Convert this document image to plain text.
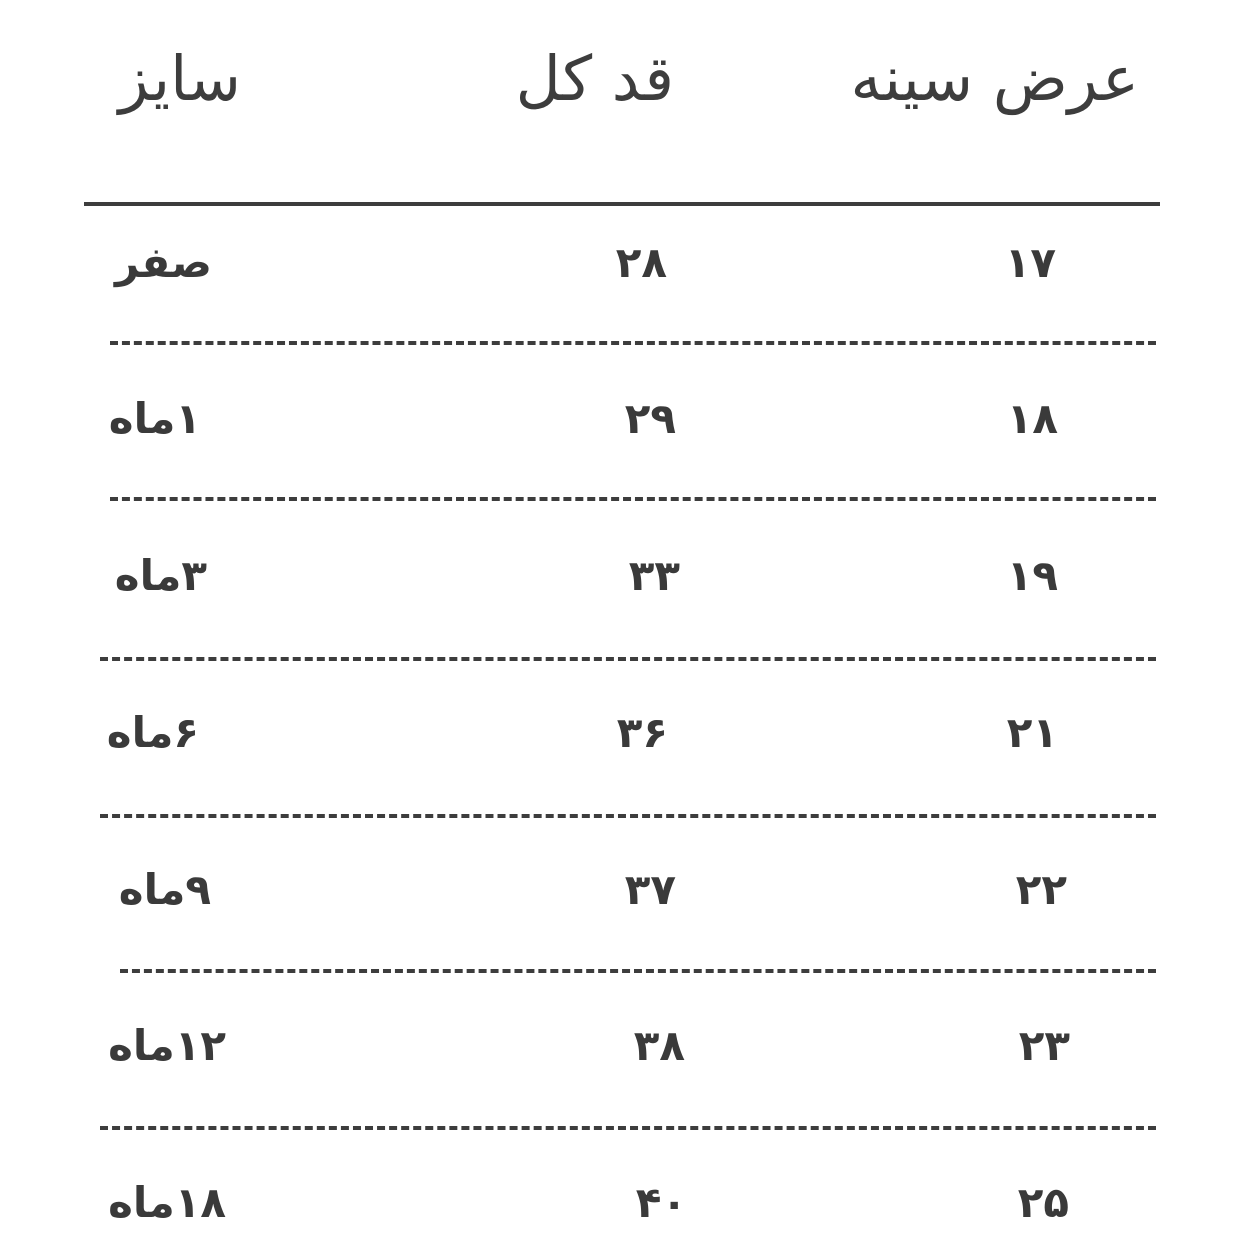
عرض سینه
قد کل
سایز
۱۷
۲۸
صفر
۱۸
۲۹
۱ماه
۱۹
۳۳
۳ماه
۲۱
۳۶
۶ماه
۲۲
۳۷
۹ماه
۲۳
۳۸
۱۲ماه
۲۵
۴۰
۱۸ماه
